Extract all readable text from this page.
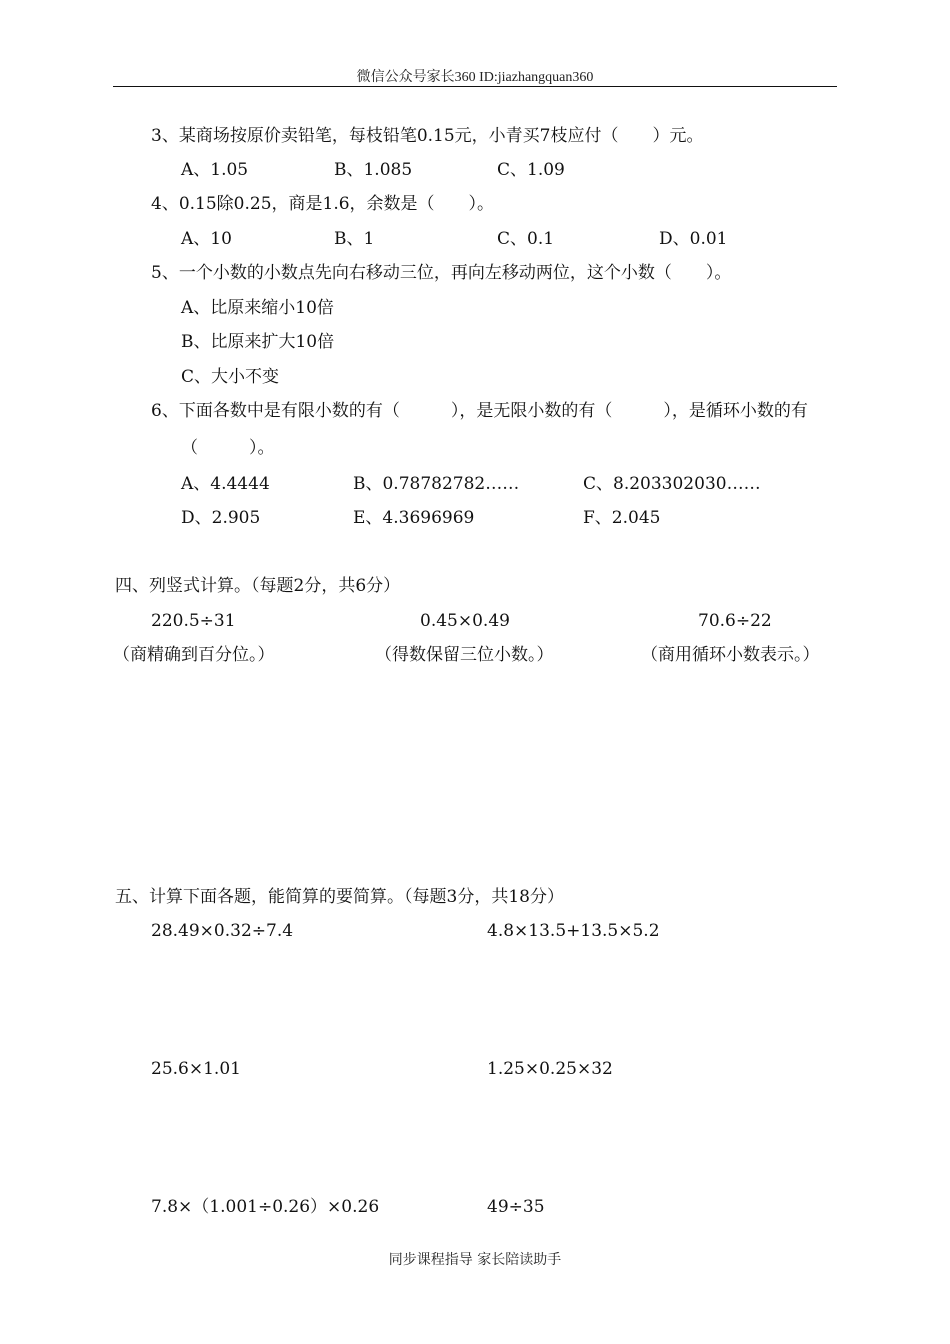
微信公众号家长360 ID:jiazhangquan360
3、某商场按原价卖铅笔，每枝铅笔0.15元，小青买7枝应付（　　）元。
A、1.05	B、1.085	C、1.09
4、0.15除0.25，商是1.6，余数是（　　）。
A、10	B、1	C、0.1	D、0.01
5、一个小数的小数点先向右移动三位，再向左移动两位，这个小数（　　）。
A、比原来缩小10倍
B、比原来扩大10倍
C、大小不变
6、下面各数中是有限小数的有（　　　），是无限小数的有（　　　），是循环小数的有
（　　　）。
A、4.4444	B、0.78782782……	C、8.203302030……
D、2.905	E、4.3696969	F、2.045
四、列竖式计算。（每题2分，共6分）
220.5÷31	0.45×0.49	70.6÷22
（商精确到百分位。）	（得数保留三位小数。）	（商用循环小数表示。）
五、计算下面各题，能简算的要简算。（每题3分，共18分）
28.49×0.32÷7.4	4.8×13.5+13.5×5.2
25.6×1.01	1.25×0.25×32
7.8×（1.001÷0.26）×0.26	49÷35
同步课程指导 家长陪读助手
